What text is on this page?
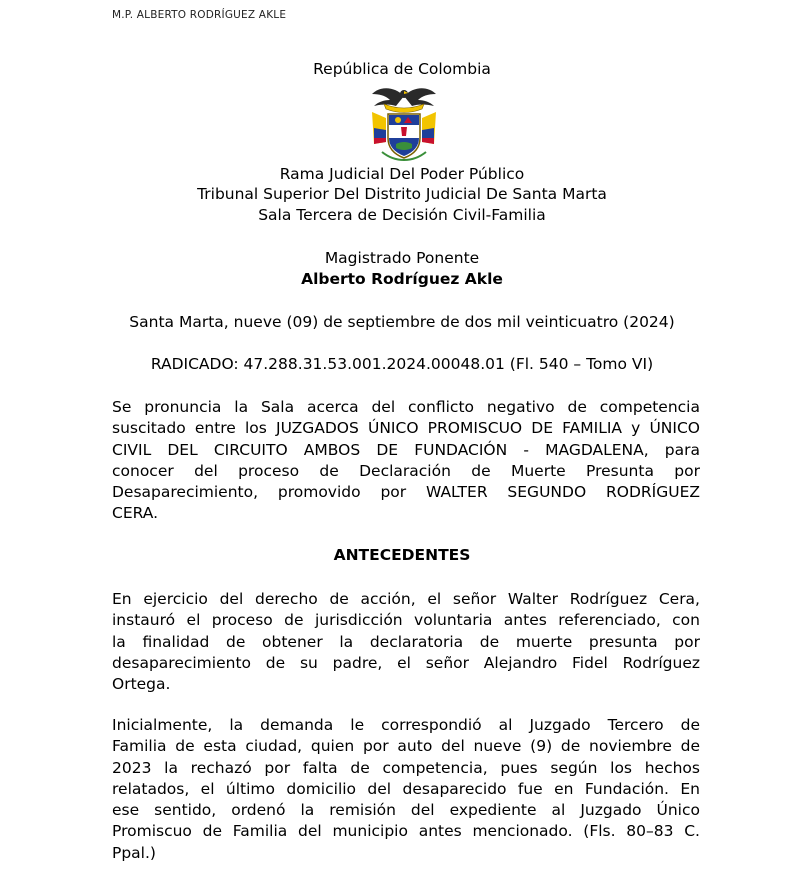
M.P. ALBERTO RODRÍGUEZ AKLE
República de Colombia
Rama Judicial Del Poder Público
Tribunal Superior Del Distrito Judicial De Santa Marta
Sala Tercera de Decisión Civil-Familia
Magistrado Ponente
Alberto Rodríguez Akle
Santa Marta, nueve (09) de septiembre de dos mil veinticuatro (2024)
RADICADO: 47.288.31.53.001.2024.00048.01 (Fl. 540 – Tomo VI)
Se pronuncia la Sala acerca del conflicto negativo de competencia
suscitado entre los JUZGADOS ÚNICO PROMISCUO DE FAMILIA y ÚNICO
CIVIL DEL CIRCUITO AMBOS DE FUNDACIÓN - MAGDALENA, para
conocer del proceso de Declaración de Muerte Presunta por
Desaparecimiento, promovido por WALTER SEGUNDO RODRÍGUEZ
CERA.
ANTECEDENTES
En ejercicio del derecho de acción, el señor Walter Rodríguez Cera,
instauró el proceso de jurisdicción voluntaria antes referenciado, con
la finalidad de obtener la declaratoria de muerte presunta por
desaparecimiento de su padre, el señor Alejandro Fidel Rodríguez
Ortega.
Inicialmente, la demanda le correspondió al Juzgado Tercero de
Familia de esta ciudad, quien por auto del nueve (9) de noviembre de
2023 la rechazó por falta de competencia, pues según los hechos
relatados, el último domicilio del desaparecido fue en Fundación. En
ese sentido, ordenó la remisión del expediente al Juzgado Único
Promiscuo de Familia del municipio antes mencionado. (Fls. 80–83 C.
Ppal.)
